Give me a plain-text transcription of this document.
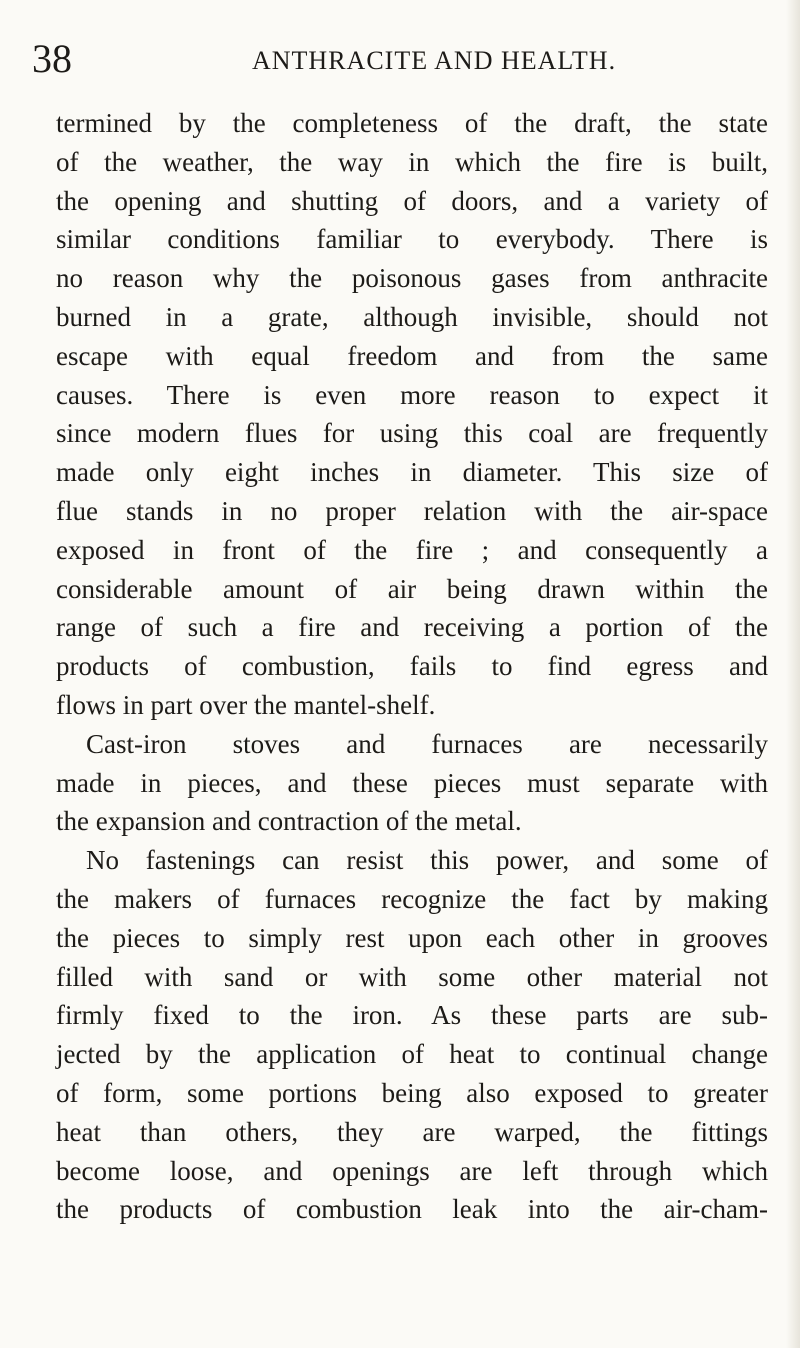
38	ANTHRACITE AND HEALTH.
termined by the completeness of the draft, the state
of the weather, the way in which the fire is built,
the opening and shutting of doors, and a variety of
similar conditions familiar to everybody. There is
no reason why the poisonous gases from anthracite
burned in a grate, although invisible, should not
escape with equal freedom and from the same
causes. There is even more reason to expect it
since modern flues for using this coal are frequently
made only eight inches in diameter. This size of
flue stands in no proper relation with the air-space
exposed in front of the fire ; and consequently a
considerable amount of air being drawn within the
range of such a fire and receiving a portion of the
products of combustion, fails to find egress and
flows in part over the mantel-shelf.
Cast-iron stoves and furnaces are necessarily
made in pieces, and these pieces must separate with
the expansion and contraction of the metal.
No fastenings can resist this power, and some of
the makers of furnaces recognize the fact by making
the pieces to simply rest upon each other in grooves
filled with sand or with some other material not
firmly fixed to the iron. As these parts are sub-
jected by the application of heat to continual change
of form, some portions being also exposed to greater
heat than others, they are warped, the fittings
become loose, and openings are left through which
the products of combustion leak into the air-cham-
